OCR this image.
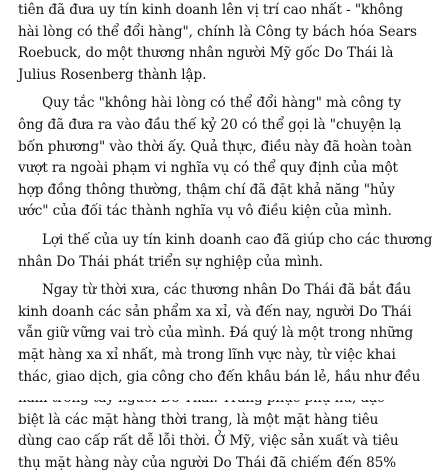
tiên đã đưa uy tín kinh doanh lên vị trí cao nhất - "không
hài lòng có thể đổi hàng", chính là Công ty bách hóa Sears
Roebuck, do một thương nhân người Mỹ gốc Do Thái là
Julius Rosenberg thành lập.
Quy tắc "không hài lòng có thể đổi hàng" mà công ty
ông đã đưa ra vào đầu thế kỷ 20 có thể gọi là "chuyện lạ
bốn phương" vào thời ấy. Quả thực, điều này đã hoàn toàn
vượt ra ngoài phạm vi nghĩa vụ có thể quy định của một
hợp đồng thông thường, thậm chí đã đặt khả năng "hủy
ước" của đối tác thành nghĩa vụ vô điều kiện của mình.
Lợi thế của uy tín kinh doanh cao đã giúp cho các thương
nhân Do Thái phát triển sự nghiệp của mình.
Ngay từ thời xưa, các thương nhân Do Thái đã bắt đầu
kinh doanh các sản phẩm xa xỉ, và đến nay, người Do Thái
vẫn giữ vững vai trò của mình. Đá quý là một trong những
mặt hàng xa xỉ nhất, mà trong lĩnh vực này, từ việc khai
thác, giao dịch, gia công cho đến khâu bán lẻ, hầu như đều
biệt là các mặt hàng thời trang, là một mặt hàng tiêu
dùng cao cấp rất dễ lỗi thời. Ở Mỹ, việc sản xuất và tiêu
thụ mặt hàng này của người Do Thái đã chiếm đến 85%
